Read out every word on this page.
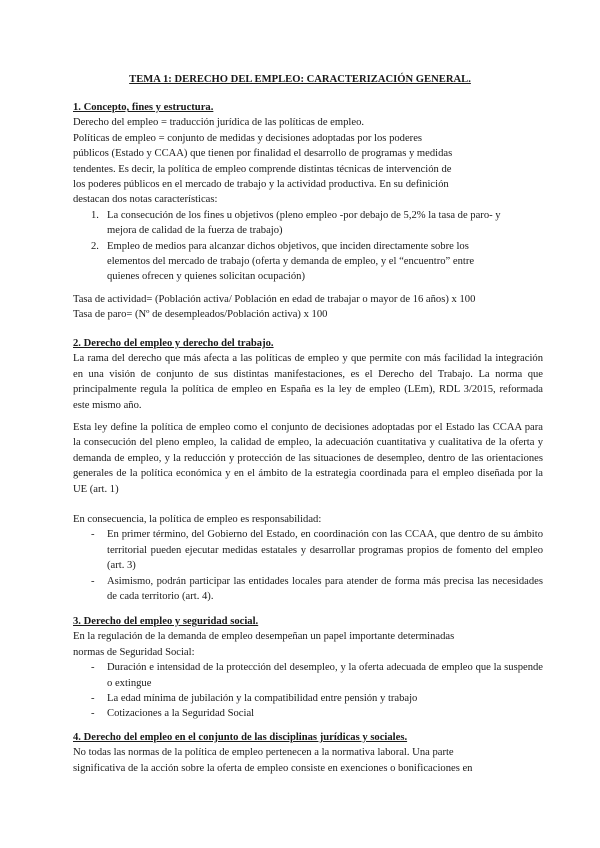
TEMA 1: DERECHO DEL EMPLEO: CARACTERIZACIÓN GENERAL.
1. Concepto, fines y estructura.
Derecho del empleo = traducción jurídica de las políticas de empleo.
Políticas de empleo = conjunto de medidas y decisiones adoptadas por los poderes
públicos (Estado y CCAA) que tienen por finalidad el desarrollo de programas y medidas
tendentes. Es decir, la política de empleo comprende distintas técnicas de intervención de
los poderes públicos en el mercado de trabajo y la actividad productiva. En su definición
destacan dos notas características:
1. La consecución de los fines u objetivos (pleno empleo -por debajo de 5,2% la tasa de paro- y
mejora de calidad de la fuerza de trabajo)
2. Empleo de medios para alcanzar dichos objetivos, que inciden directamente sobre los
elementos del mercado de trabajo (oferta y demanda de empleo, y el “encuentro” entre
quienes ofrecen y quienes solicitan ocupación)
Tasa de actividad= (Población activa/ Población en edad de trabajar o mayor de 16 años) x 100
Tasa de paro= (Nº de desempleados/Población activa) x 100
2. Derecho del empleo y derecho del trabajo.
La rama del derecho que más afecta a las políticas de empleo y que permite con más facilidad la integración en una visión de conjunto de sus distintas manifestaciones, es el Derecho del Trabajo. La norma que principalmente regula la política de empleo en España es la ley de empleo (LEm), RDL 3/2015, reformada este mismo año.
Esta ley define la política de empleo como el conjunto de decisiones adoptadas por el Estado las CCAA para la consecución del pleno empleo, la calidad de empleo, la adecuación cuantitativa y cualitativa de la oferta y demanda de empleo, y la reducción y protección de las situaciones de desempleo, dentro de las orientaciones generales de la política económica y en el ámbito de la estrategia coordinada para el empleo diseñada por la UE (art. 1)
En consecuencia, la política de empleo es responsabilidad:
- En primer término, del Gobierno del Estado, en coordinación con las CCAA, que dentro de su ámbito territorial pueden ejecutar medidas estatales y desarrollar programas propios de fomento del empleo (art. 3)
- Asimismo, podrán participar las entidades locales para atender de forma más precisa las necesidades de cada territorio (art. 4).
3. Derecho del empleo y seguridad social.
En la regulación de la demanda de empleo desempeñan un papel importante determinadas
normas de Seguridad Social:
- Duración e intensidad de la protección del desempleo, y la oferta adecuada de empleo que la suspende o extingue
- La edad mínima de jubilación y la compatibilidad entre pensión y trabajo
- Cotizaciones a la Seguridad Social
4. Derecho del empleo en el conjunto de las disciplinas jurídicas y sociales.
No todas las normas de la política de empleo pertenecen a la normativa laboral. Una parte
significativa de la acción sobre la oferta de empleo consiste en exenciones o bonificaciones en
